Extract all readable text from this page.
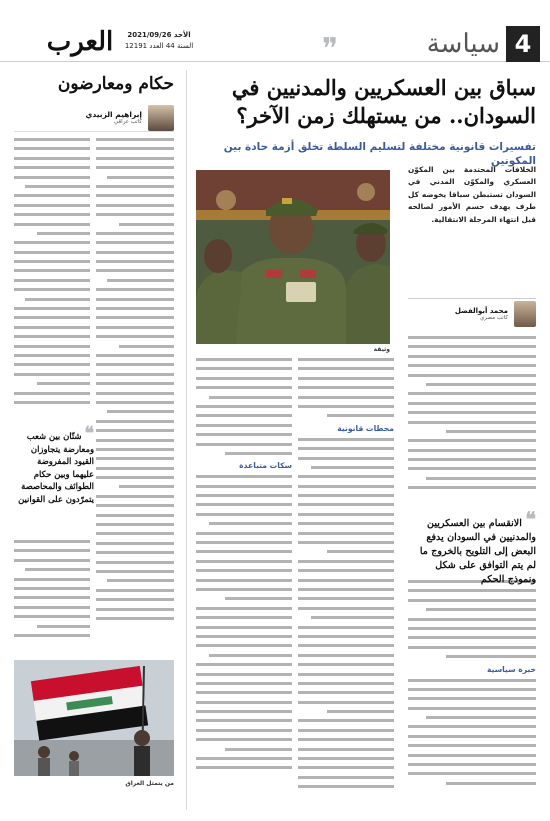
العرب	الأحد 2021/09/26
السنة 44 العدد 12191	❞	سياسة 4
سباق بين العسكريين والمدنيين في السودان.. من يستهلك زمن الآخر؟
تفسيرات قانونية مختلفة لتسليم السلطة تخلق أزمة حادة بين المكونين

الخلافات المحتدمة بين المكوّن العسكري والمكوّن المدني في السودان تستبطن سباقا يخوضه كل طرف بهدف حسم الأمور لصالحه قبل انتهاء المرحلة الانتقالية.

محمد أبوالفضل
كاتب مصري
وثيقة
خبرة سياسية
❝ الانقسام بين العسكريين والمدنيين في السودان يدفع البعض إلى التلويح بالخروج ما لم يتم التوافق على شكل ونموذج الحكم
سكات متباعدة
محطات قانونية
حكام ومعارضون
إبراهيم الزبيدي
كاتب عراقي
❝ شتّان بين شعب ومعارضة يتجاوزان القيود المفروضة عليهما وبين حكام الطوائف والمحاصصة يتمرّدون على القوانين
من يتمثل العراق
